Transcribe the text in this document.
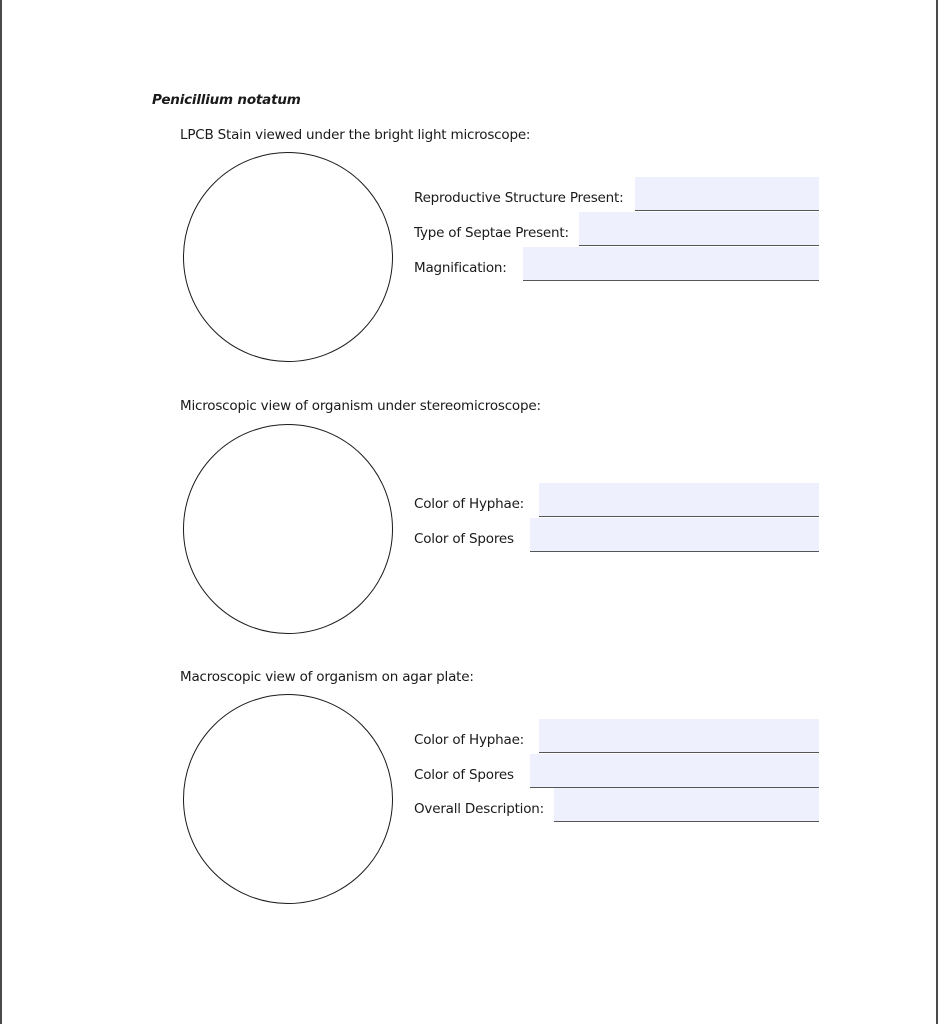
Penicillium notatum
LPCB Stain viewed under the bright light microscope:
Reproductive Structure Present:
Type of Septae Present:
Magnification:
Microscopic view of organism under stereomicroscope:
Color of Hyphae:
Color of Spores
Macroscopic view of organism on agar plate:
Color of Hyphae:
Color of Spores
Overall Description:
